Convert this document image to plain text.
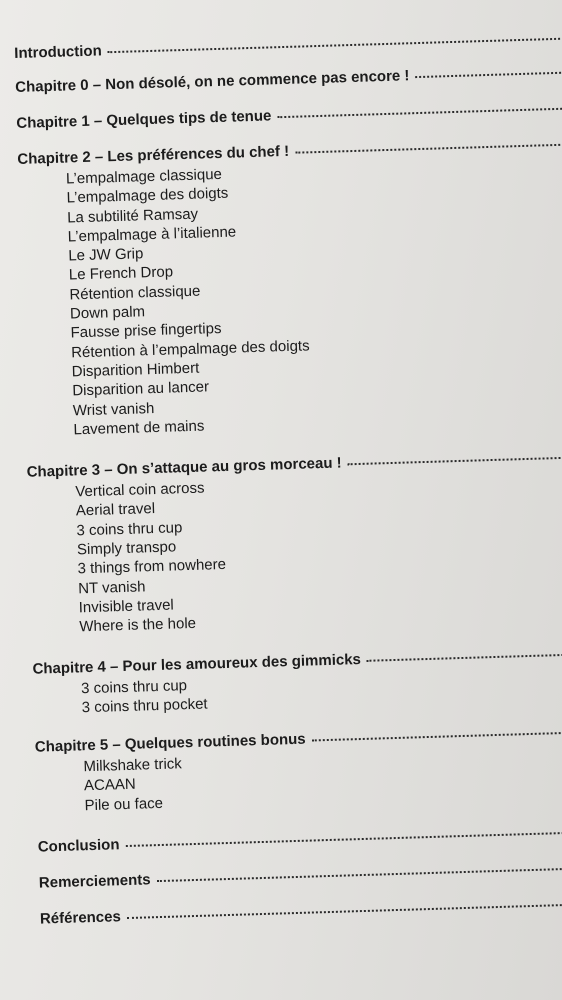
Introduction
Chapitre 0 – Non désolé, on ne commence pas encore !
Chapitre 1 – Quelques tips de tenue
Chapitre 2 – Les préférences du chef !
L’empalmage classique
L’empalmage des doigts
La subtilité Ramsay
L’empalmage à l’italienne
Le JW Grip
Le French Drop
Rétention classique
Down palm
Fausse prise fingertips
Rétention à l’empalmage des doigts
Disparition Himbert
Disparition au lancer
Wrist vanish
Lavement de mains
Chapitre 3 – On s’attaque au gros morceau !
Vertical coin across
Aerial travel
3 coins thru cup
Simply transpo
3 things from nowhere
NT vanish
Invisible travel
Where is the hole
Chapitre 4 – Pour les amoureux des gimmicks
3 coins thru cup
3 coins thru pocket
Chapitre 5 – Quelques routines bonus
Milkshake trick
ACAAN
Pile ou face
Conclusion
Remerciements
Références
